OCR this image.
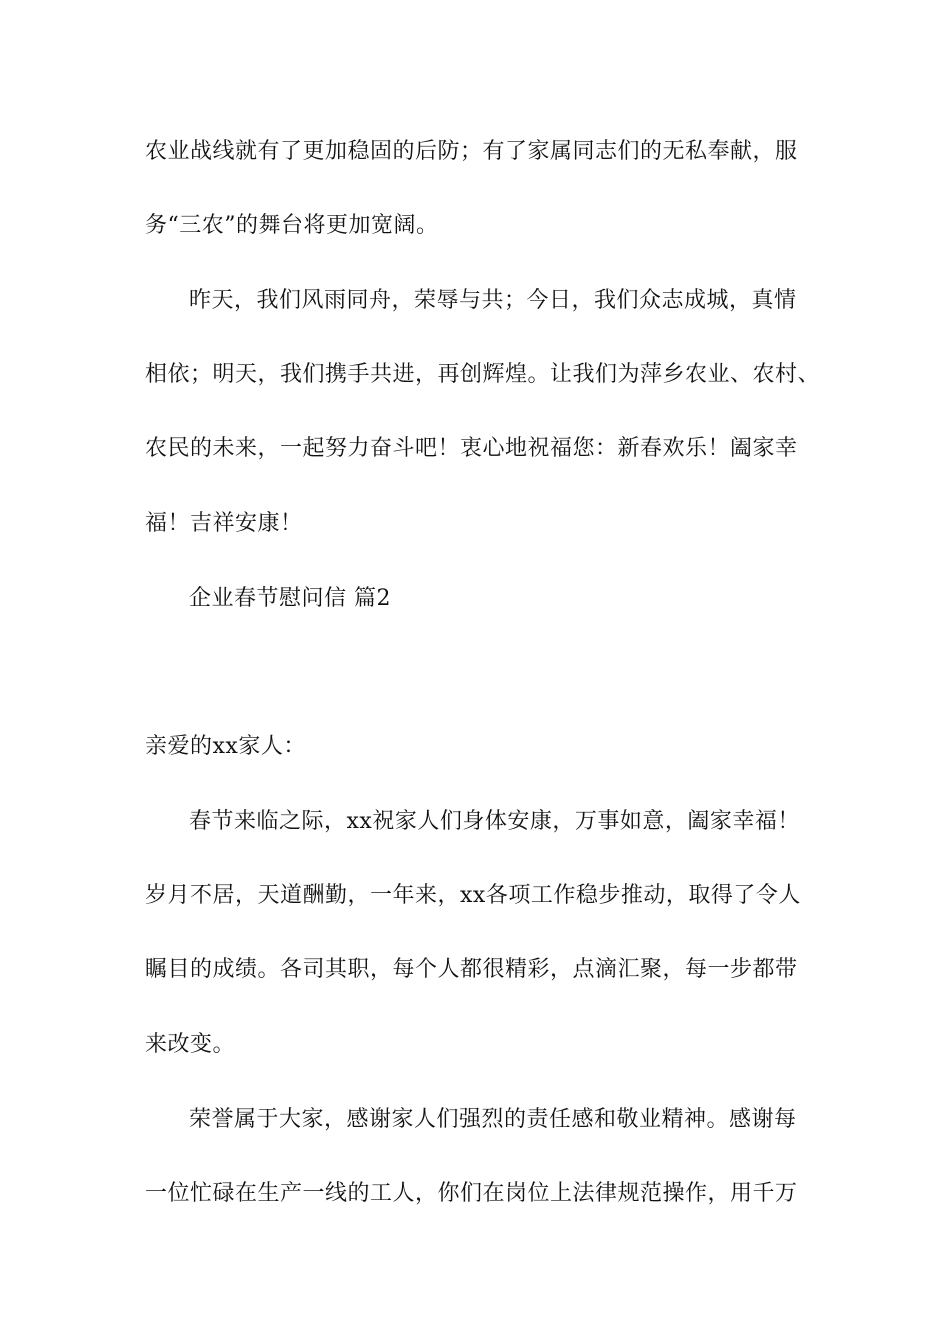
农业战线就有了更加稳固的后防；有了家属同志们的无私奉献，服
务“三农”的舞台将更加宽阔。
昨天，我们风雨同舟，荣辱与共；今日，我们众志成城，真情
相依；明天，我们携手共进，再创辉煌。让我们为萍乡农业、农村、
农民的未来，一起努力奋斗吧！衷心地祝福您：新春欢乐！阖家幸
福！吉祥安康！
企业春节慰问信 篇2
亲爱的xx家人：
春节来临之际，xx祝家人们身体安康，万事如意，阖家幸福！
岁月不居，天道酬勤，一年来，xx各项工作稳步推动，取得了令人
瞩目的成绩。各司其职，每个人都很精彩，点滴汇聚，每一步都带
来改变。
荣誉属于大家，感谢家人们强烈的责任感和敬业精神。感谢每
一位忙碌在生产一线的工人，你们在岗位上法律规范操作，用千万
